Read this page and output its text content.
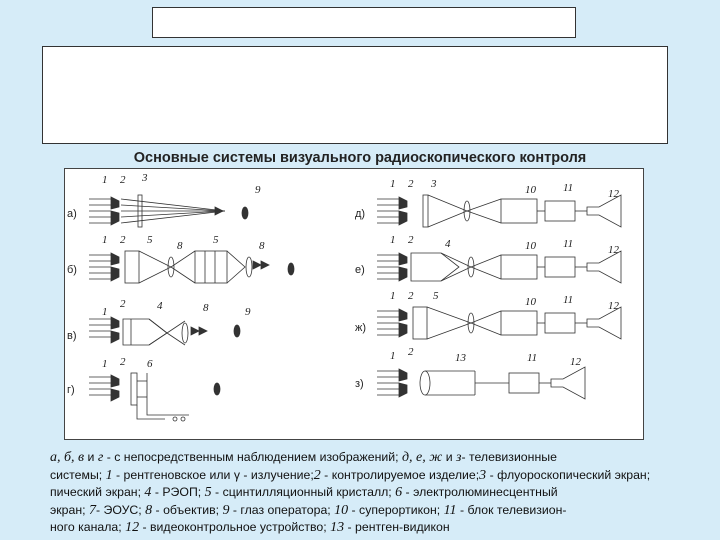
Основные системы визуального радиоскопического контроля
а)
1 2 3
9
б)
1 2 5 8	5	8
в)
1
2	4	8	9
г)
1 2 6
д)
1 2 3	10 11	12
е)
1 2	4	10 11	12
ж)
1 2 5	10 11	12
з)
1 2	13	11	12
а, б, в и г - с непосредственным наблюдением изображений; д, е, ж и з- телевизионные
системы; 1 - рентгеновское или γ - излучение;2 - контролируемое изделие;3 - флуороскопический экран;
пический экран; 4 - РЭОП; 5 - сцинтилляционный кристалл; 6 - электролюминесцентный
экран; 7- ЭОУС; 8 - объектив; 9 - глаз оператора; 10 - суперортикон; 11 - блок телевизион-
ного канала; 12 - видеоконтрольное устройство; 13 - рентген-видикон
